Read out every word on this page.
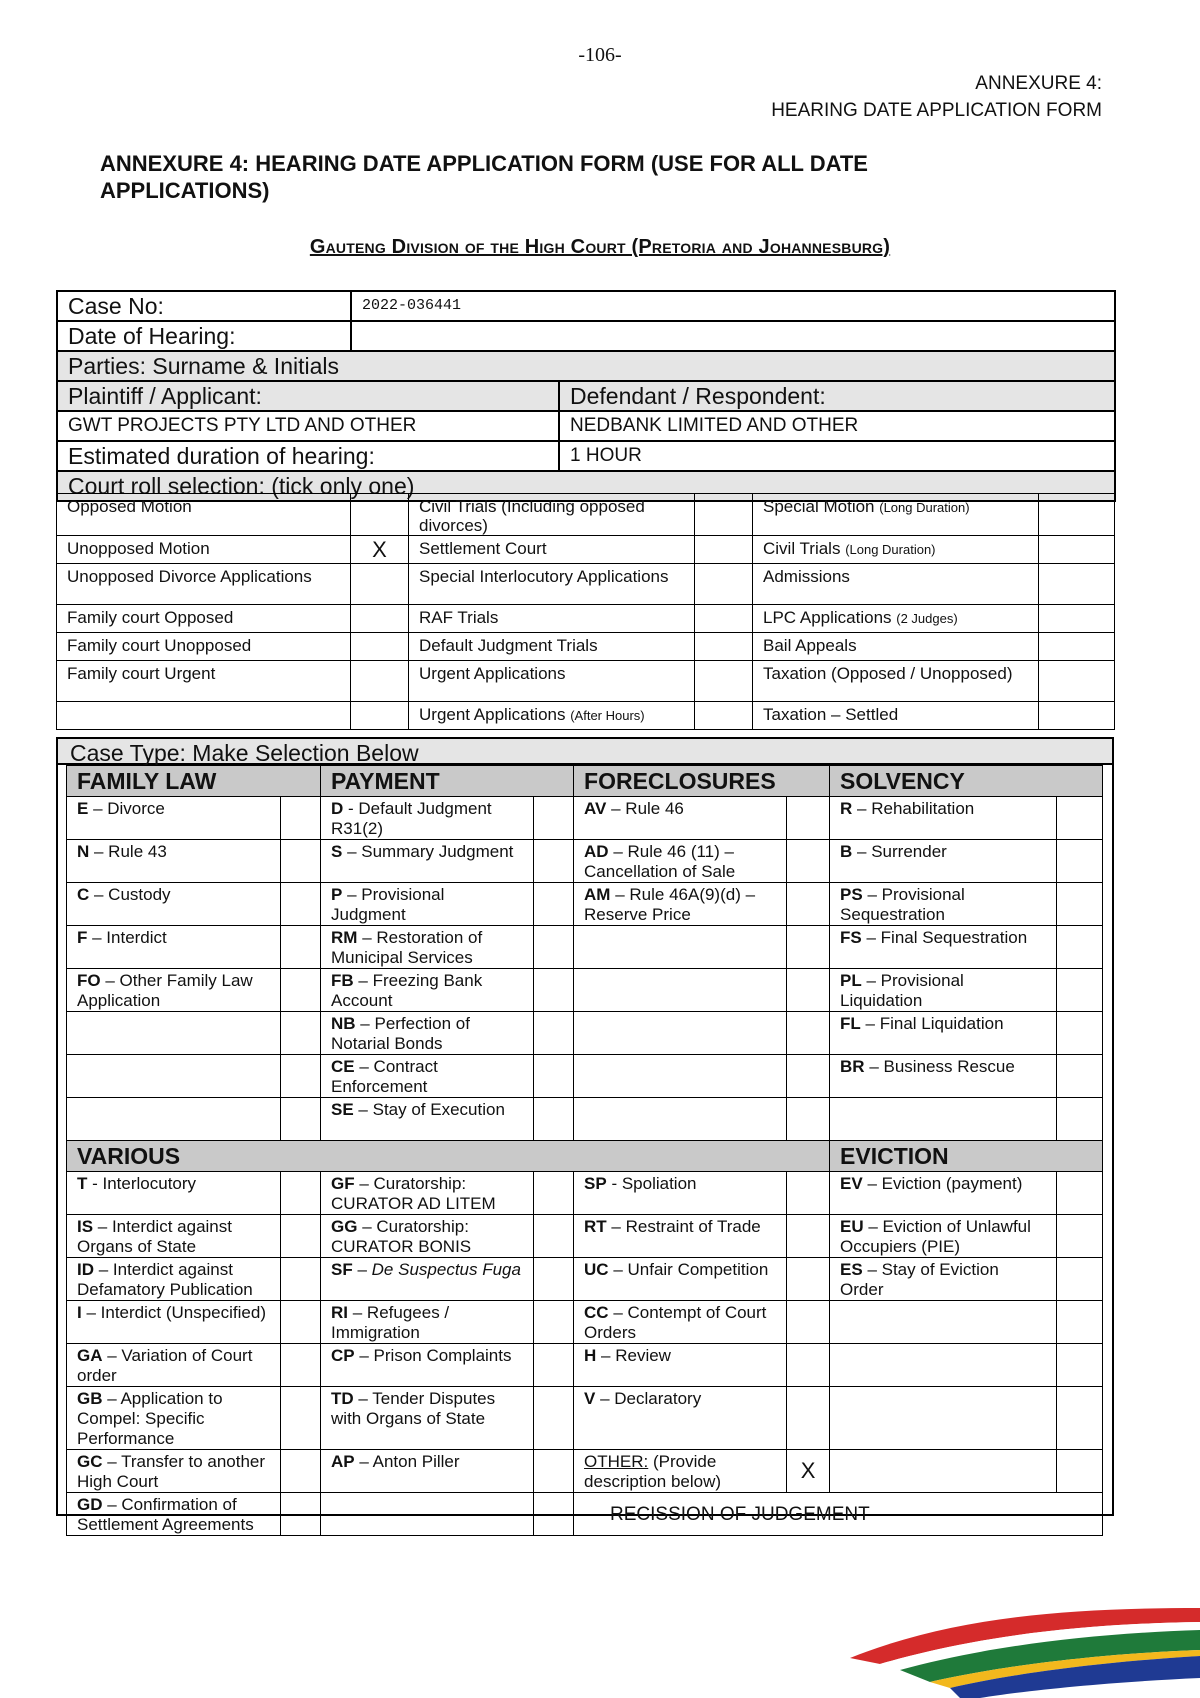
-106-
ANNEXURE 4:
HEARING DATE APPLICATION FORM
ANNEXURE 4: HEARING DATE APPLICATION FORM (USE FOR ALL DATE APPLICATIONS)
Gauteng Division of the High Court (Pretoria and Johannesburg)
Case No:	2022-036441	
Date of Hearing:		
Parties: Surname & Initials		
Plaintiff / Applicant:		Defendant / Respondent:
GWT PROJECTS PTY LTD AND OTHER		NEDBANK LIMITED AND OTHER
Estimated duration of hearing:		1 HOUR
Court roll selection: (tick only one)		
Opposed Motion		Civil Trials (Including opposed divorces)		Special Motion (Long Duration)	
Unopposed Motion	X	Settlement Court		Civil Trials (Long Duration)	
Unopposed Divorce Applications		Special Interlocutory Applications		Admissions	
Family court Opposed		RAF Trials		LPC Applications (2 Judges)	
Family court Unopposed		Default Judgment Trials		Bail Appeals	
Family court Urgent		Urgent Applications		Taxation (Opposed / Unopposed)	
		Urgent Applications (After Hours)		Taxation – Settled	
Case Type: Make Selection Below
FAMILY LAW		PAYMENT		FORECLOSURES		SOLVENCY	
E – Divorce		D - Default Judgment R31(2)		AV – Rule 46		R – Rehabilitation	
N – Rule 43		S – Summary Judgment		AD – Rule 46 (11) – Cancellation of Sale		B – Surrender	
C – Custody		P – Provisional Judgment		AM – Rule 46A(9)(d) – Reserve Price		PS – Provisional Sequestration	
F – Interdict		RM – Restoration of Municipal Services				FS – Final Sequestration	
FO – Other Family Law Application		FB – Freezing Bank Account				PL – Provisional Liquidation	
		NB – Perfection of Notarial Bonds				FL – Final Liquidation	
		CE – Contract Enforcement				BR – Business Rescue	
		SE – Stay of Execution					
VARIOUS						EVICTION	
T - Interlocutory		GF – Curatorship: CURATOR AD LITEM		SP - Spoliation		EV – Eviction (payment)	
IS – Interdict against Organs of State		GG – Curatorship: CURATOR BONIS		RT – Restraint of Trade		EU – Eviction of Unlawful Occupiers (PIE)	
ID – Interdict against Defamatory Publication		SF – De Suspectus Fuga		UC – Unfair Competition		ES – Stay of Eviction Order	
I – Interdict (Unspecified)		RI – Refugees / Immigration		CC – Contempt of Court Orders			
GA – Variation of Court order		CP – Prison Complaints		H – Review			
GB – Application to Compel: Specific Performance		TD – Tender Disputes with Organs of State		V – Declaratory			
GC – Transfer to another High Court		AP – Anton Piller		OTHER: (Provide description below)	X		
GD – Confirmation of Settlement Agreements				RECISSION OF JUDGEMENT			
